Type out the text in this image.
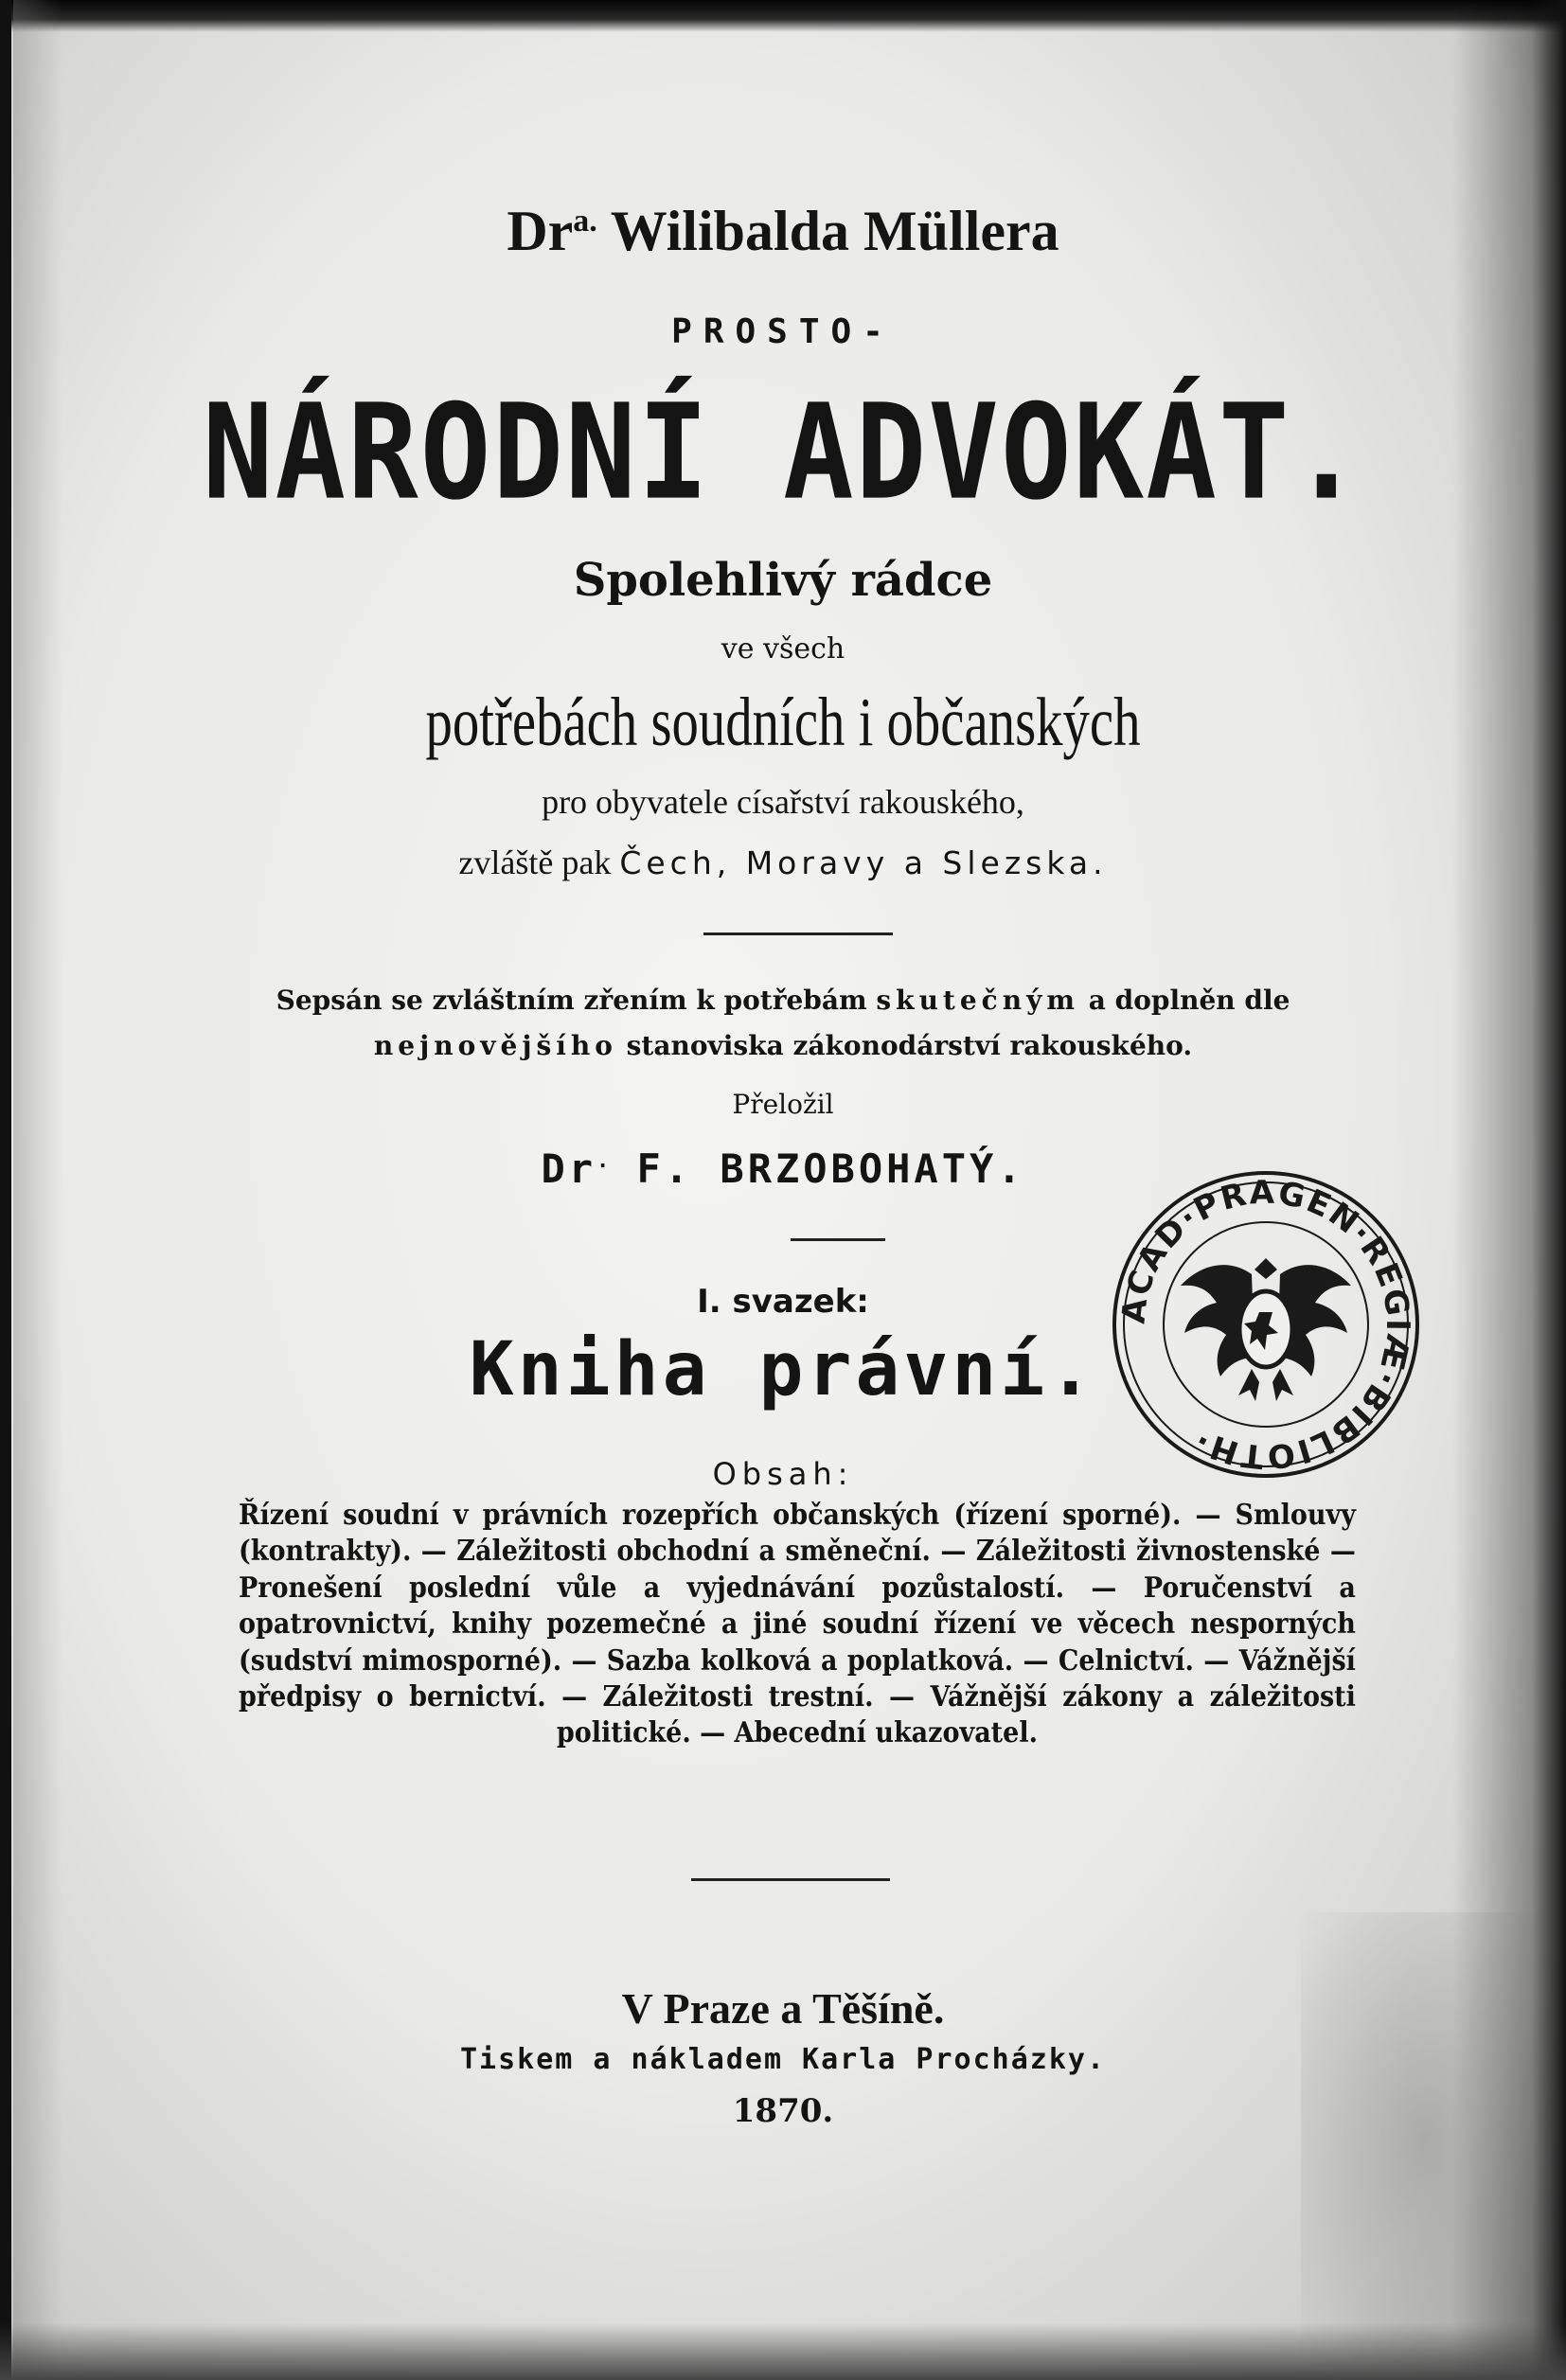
$Dr^{a.}$ Wilibalda Müllera
PROSTO-
NÁRODNÍ ADVOKÁT.
Spolehlivý rádce
ve všech
potřebách soudních i občanských
pro obyvatele císařství rakouského,
zvláště pak Čech, Moravy a Slezska.
Sepsán se zvláštním zřením k potřebám skutečným a doplněn dle
nejnovějšího stanoviska zákonodárství rakouského.
Přeložil
Dr. F. BRZOBOHATÝ.
I. svazek:
Kniha právní.
Obsah:
Řízení soudní v právních rozepřích občanských (řízení sporné). — Smlouvy (kontrakty). — Záležitosti obchodní a směneční. — Záležitosti živnostenské — Pronešení poslední vůle a vyjednávání pozůstalostí. — Poručenství a opatrovnictví, knihy pozemečné a jiné soudní řízení ve věcech nesporných (sudství mimosporné). — Sazba kolková a poplatková. — Celnictví. — Vážnější předpisy o bernictví. — Záležitosti trestní. — Vážnější zákony a záležitosti politické. — Abecední ukazovatel.
V Praze a Těšíně.
Tiskem a nákladem Karla Procházky.
1870.
ACAD·PRAGEN·REGIÆ·BIBLIOTH·
